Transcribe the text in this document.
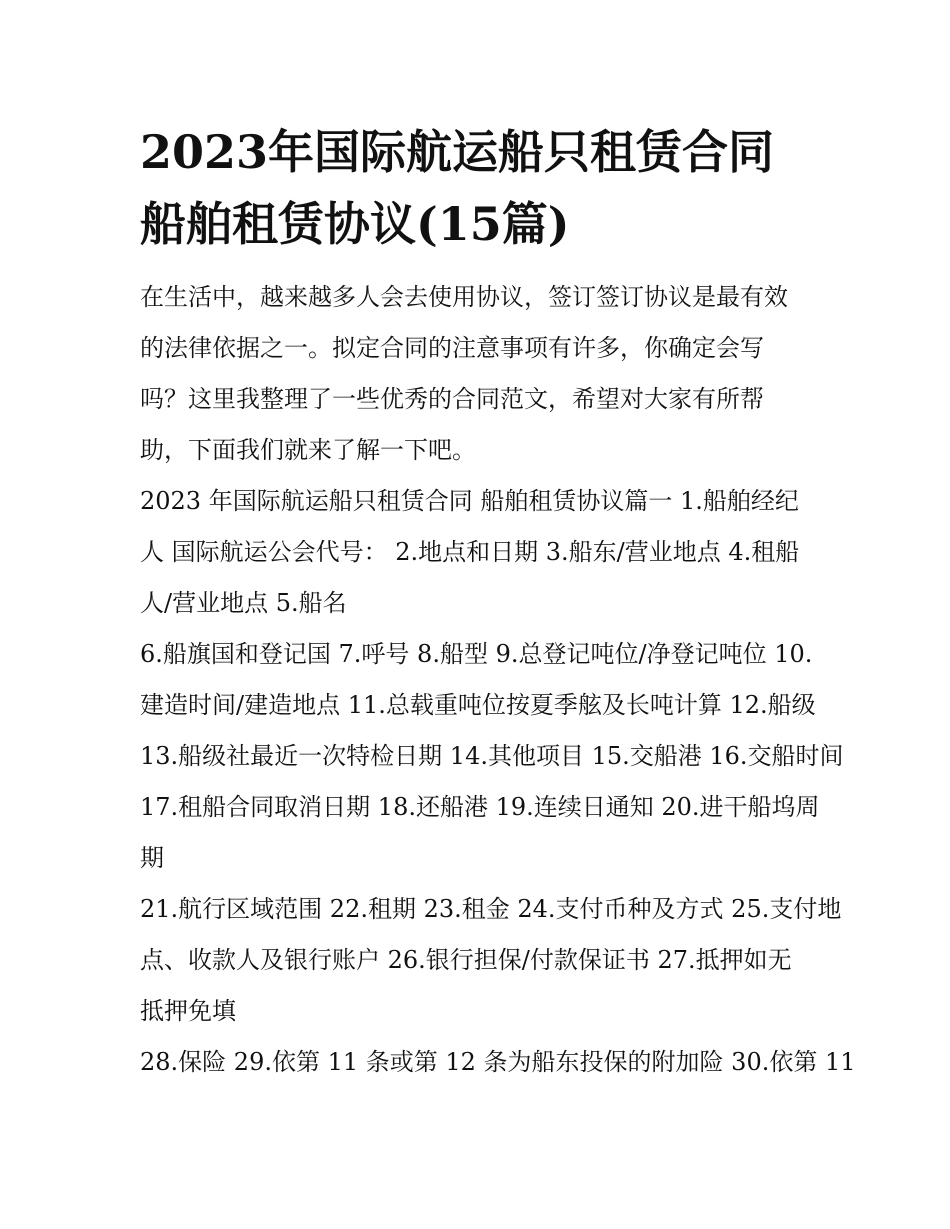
2023年国际航运船只租赁合同
船舶租赁协议(15篇)

在生活中，越来越多人会去使用协议，签订签订协议是最有效
的法律依据之一。拟定合同的注意事项有许多，你确定会写
吗？这里我整理了一些优秀的合同范文，希望对大家有所帮
助，下面我们就来了解一下吧。

2023 年国际航运船只租赁合同 船舶租赁协议篇一 1.船舶经纪
人 国际航运公会代号： 2.地点和日期 3.船东/营业地点 4.租船
人/营业地点 5.船名

6.船旗国和登记国 7.呼号 8.船型 9.总登记吨位/净登记吨位 10.
建造时间/建造地点 11.总载重吨位按夏季舷及长吨计算 12.船级
13.船级社最近一次特检日期 14.其他项目 15.交船港 16.交船时间
17.租船合同取消日期 18.还船港 19.连续日通知 20.进干船坞周
期

21.航行区域范围 22.租期 23.租金 24.支付币种及方式 25.支付地
点、收款人及银行账户 26.银行担保/付款保证书 27.抵押如无
抵押免填

28.保险 29.依第 11 条或第 12 条为船东投保的附加险 30.依第 11
